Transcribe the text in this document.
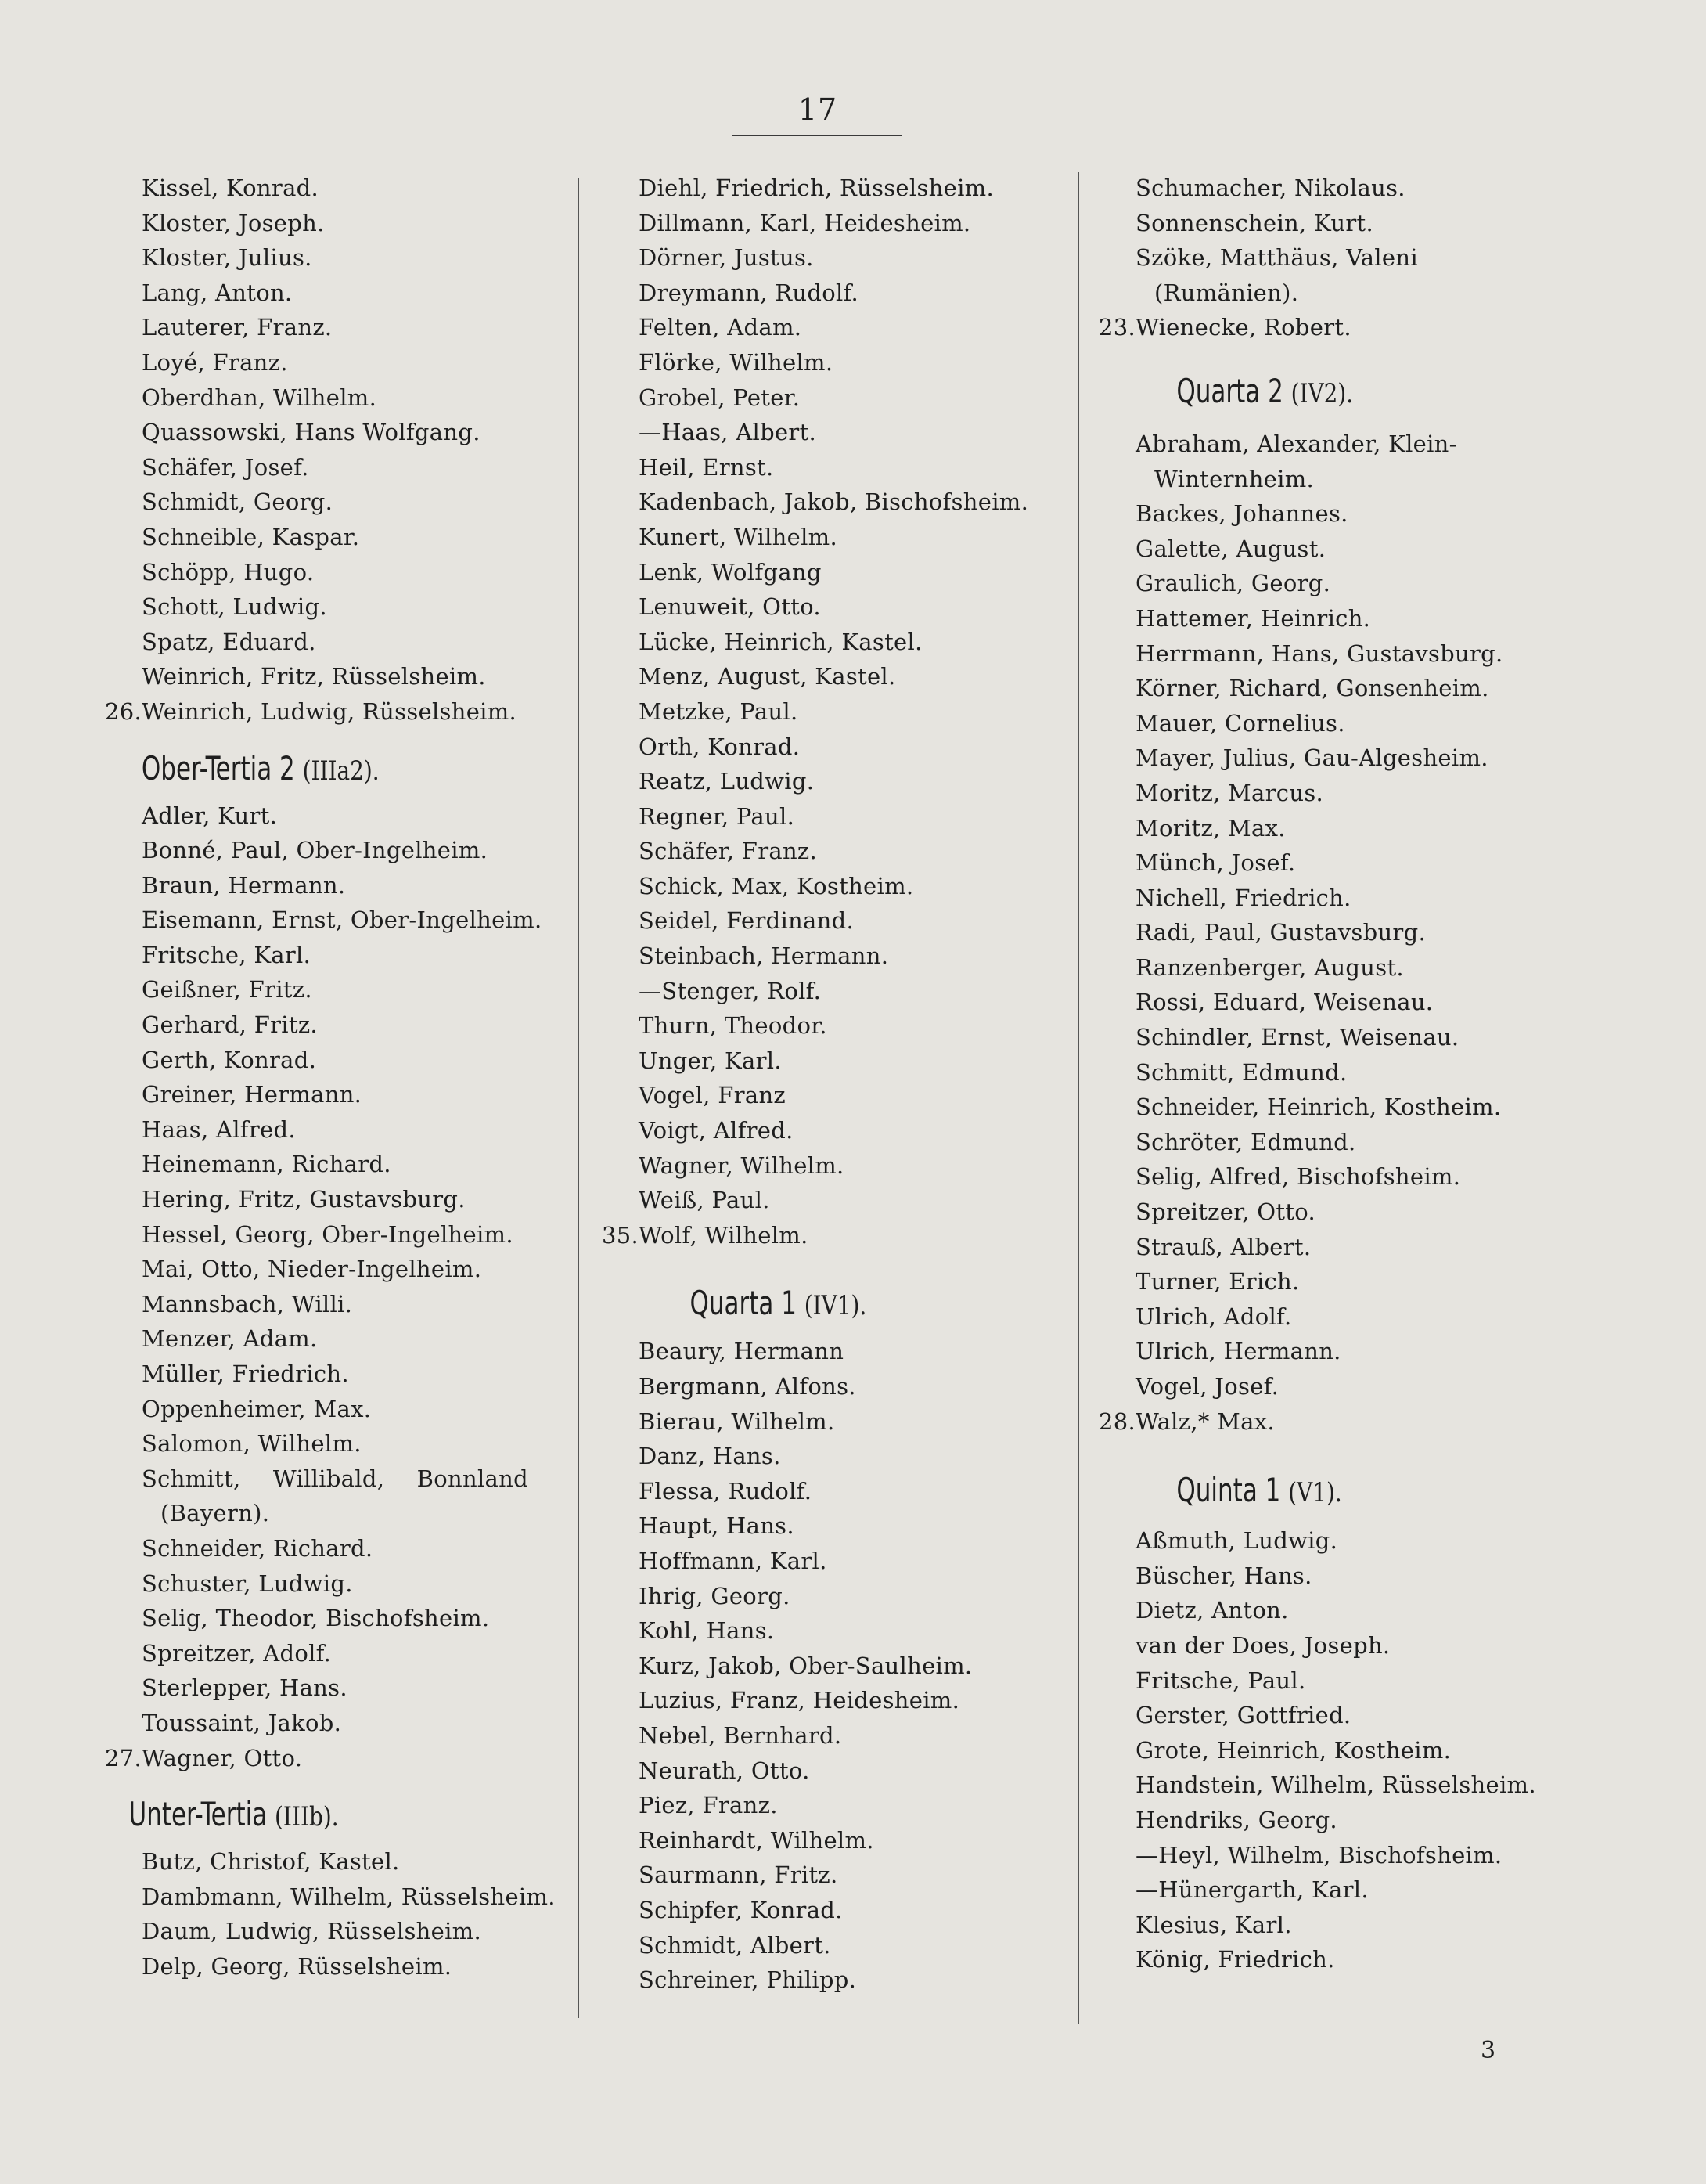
17
Kissel, Konrad.
Kloster, Joseph.
Kloster, Julius.
Lang, Anton.
Lauterer, Franz.
Loyé, Franz.
Oberdhan, Wilhelm.
Quassowski, Hans Wolfgang.
Schäfer, Josef.
Schmidt, Georg.
Schneible, Kaspar.
Schöpp, Hugo.
Schott, Ludwig.
Spatz, Eduard.
Weinrich, Fritz, Rüsselsheim.
26. Weinrich, Ludwig, Rüsselsheim.
Ober-Tertia 2 (IIIa2).
Adler, Kurt.
Bonné, Paul, Ober-Ingelheim.
Braun, Hermann.
Eisemann, Ernst, Ober-Ingelheim.
Fritsche, Karl.
Geißner, Fritz.
Gerhard, Fritz.
Gerth, Konrad.
Greiner, Hermann.
Haas, Alfred.
Heinemann, Richard.
Hering, Fritz, Gustavsburg.
Hessel, Georg, Ober-Ingelheim.
Mai, Otto, Nieder-Ingelheim.
Mannsbach, Willi.
Menzer, Adam.
Müller, Friedrich.
Oppenheimer, Max.
Salomon, Wilhelm.
Schmitt, Willibald, Bonnland
(Bayern).
Schneider, Richard.
Schuster, Ludwig.
Selig, Theodor, Bischofsheim.
Spreitzer, Adolf.
Sterlepper, Hans.
Toussaint, Jakob.
27. Wagner, Otto.
Unter-Tertia (IIIb).
Butz, Christof, Kastel.
Dambmann, Wilhelm, Rüsselsheim.
Daum, Ludwig, Rüsselsheim.
Delp, Georg, Rüsselsheim.
Diehl, Friedrich, Rüsselsheim.
Dillmann, Karl, Heidesheim.
Dörner, Justus.
Dreymann, Rudolf.
Felten, Adam.
Flörke, Wilhelm.
Grobel, Peter.
—Haas, Albert.
Heil, Ernst.
Kadenbach, Jakob, Bischofsheim.
Kunert, Wilhelm.
Lenk, Wolfgang
Lenuweit, Otto.
Lücke, Heinrich, Kastel.
Menz, August, Kastel.
Metzke, Paul.
Orth, Konrad.
Reatz, Ludwig.
Regner, Paul.
Schäfer, Franz.
Schick, Max, Kostheim.
Seidel, Ferdinand.
Steinbach, Hermann.
—Stenger, Rolf.
Thurn, Theodor.
Unger, Karl.
Vogel, Franz
Voigt, Alfred.
Wagner, Wilhelm.
Weiß, Paul.
35. Wolf, Wilhelm.
Quarta 1 (IV1).
Beaury, Hermann
Bergmann, Alfons.
Bierau, Wilhelm.
Danz, Hans.
Flessa, Rudolf.
Haupt, Hans.
Hoffmann, Karl.
Ihrig, Georg.
Kohl, Hans.
Kurz, Jakob, Ober-Saulheim.
Luzius, Franz, Heidesheim.
Nebel, Bernhard.
Neurath, Otto.
Piez, Franz.
Reinhardt, Wilhelm.
Saurmann, Fritz.
Schipfer, Konrad.
Schmidt, Albert.
Schreiner, Philipp.
Schumacher, Nikolaus.
Sonnenschein, Kurt.
Szöke, Matthäus, Valeni
(Rumänien).
23. Wienecke, Robert.
Quarta 2 (IV2).
Abraham, Alexander, Klein-
Winternheim.
Backes, Johannes.
Galette, August.
Graulich, Georg.
Hattemer, Heinrich.
Herrmann, Hans, Gustavsburg.
Körner, Richard, Gonsenheim.
Mauer, Cornelius.
Mayer, Julius, Gau-Algesheim.
Moritz, Marcus.
Moritz, Max.
Münch, Josef.
Nichell, Friedrich.
Radi, Paul, Gustavsburg.
Ranzenberger, August.
Rossi, Eduard, Weisenau.
Schindler, Ernst, Weisenau.
Schmitt, Edmund.
Schneider, Heinrich, Kostheim.
Schröter, Edmund.
Selig, Alfred, Bischofsheim.
Spreitzer, Otto.
Strauß, Albert.
Turner, Erich.
Ulrich, Adolf.
Ulrich, Hermann.
Vogel, Josef.
28. Walz,* Max.
Quinta 1 (V1).
Aßmuth, Ludwig.
Büscher, Hans.
Dietz, Anton.
van der Does, Joseph.
Fritsche, Paul.
Gerster, Gottfried.
Grote, Heinrich, Kostheim.
Handstein, Wilhelm, Rüsselsheim.
Hendriks, Georg.
—Heyl, Wilhelm, Bischofsheim.
—Hünergarth, Karl.
Klesius, Karl.
König, Friedrich.
3
